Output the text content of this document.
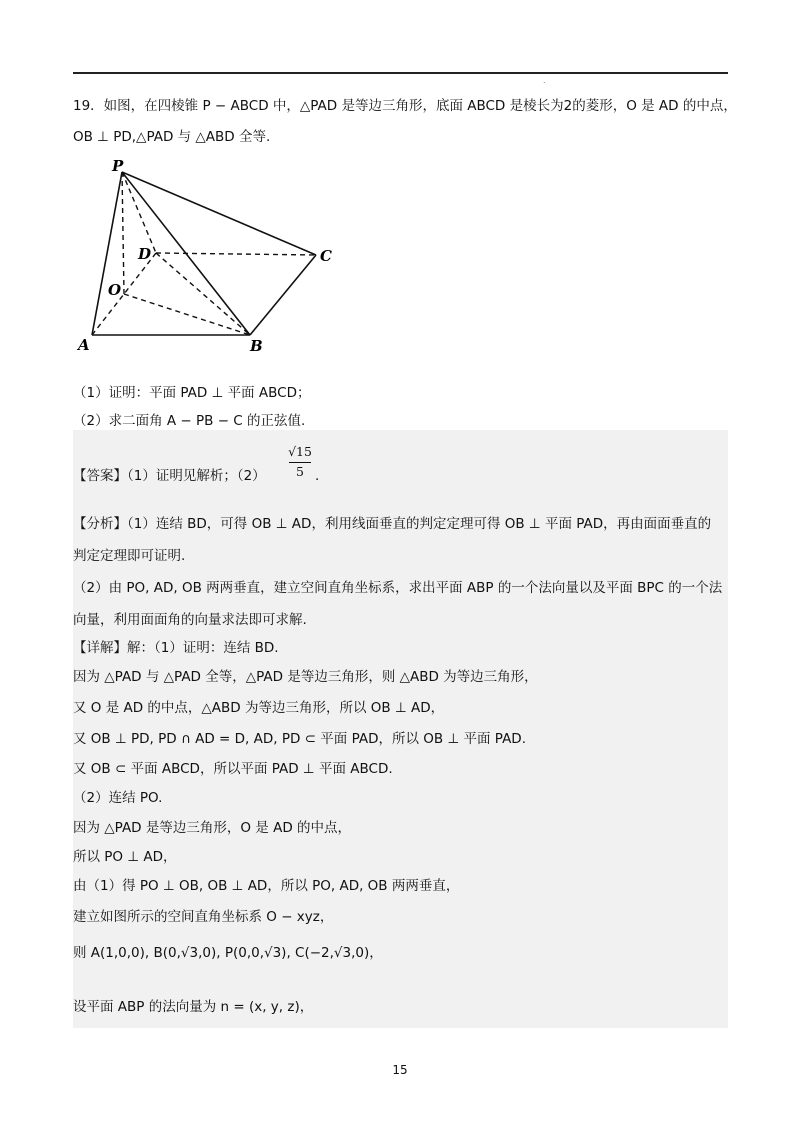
.
19．如图，在四棱锥 P − ABCD 中，△PAD 是等边三角形，底面 ABCD 是棱长为2的菱形，O 是 AD 的中点，
OB ⊥ PD,△PAD 与 △ABD 全等.
P
D	C
O
A	B
（1）证明：平面 PAD ⊥ 平面 ABCD；
（2）求二面角 A − PB − C 的正弦值.
【答案】（1）证明见解析；（2）
√15
5 .
【分析】（1）连结 BD，可得 OB ⊥ AD，利用线面垂直的判定定理可得 OB ⊥ 平面 PAD，再由面面垂直的
判定定理即可证明.
（2）由 PO, AD, OB 两两垂直，建立空间直角坐标系，求出平面 ABP 的一个法向量以及平面 BPC 的一个法
向量，利用面面角的向量求法即可求解.
【详解】解：（1）证明：连结 BD.
因为 △PAD 与 △PAD 全等，△PAD 是等边三角形，则 △ABD 为等边三角形，
又 O 是 AD 的中点，△ABD 为等边三角形，所以 OB ⊥ AD，
又 OB ⊥ PD, PD ∩ AD = D, AD, PD ⊂ 平面 PAD，所以 OB ⊥ 平面 PAD.
又 OB ⊂ 平面 ABCD，所以平面 PAD ⊥ 平面 ABCD.
（2）连结 PO.
因为 △PAD 是等边三角形，O 是 AD 的中点，
所以 PO ⊥ AD，
由（1）得 PO ⊥ OB, OB ⊥ AD，所以 PO, AD, OB 两两垂直，
建立如图所示的空间直角坐标系 O − xyz，
则 A(1,0,0), B(0,√3,0), P(0,0,√3), C(−2,√3,0)，
设平面 ABP 的法向量为 n = (x, y, z)，
15
